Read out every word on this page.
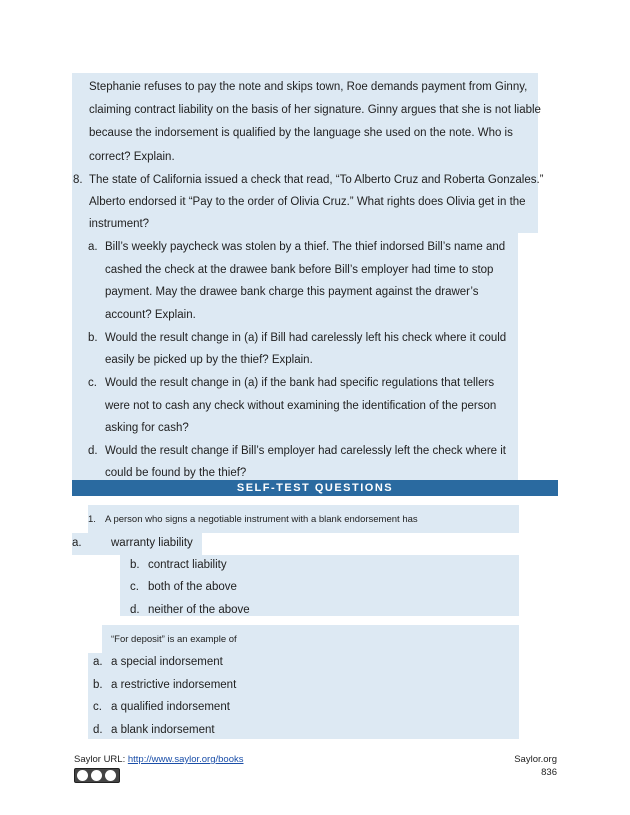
Stephanie refuses to pay the note and skips town, Roe demands payment from Ginny,
claiming contract liability on the basis of her signature. Ginny argues that she is not liable
because the indorsement is qualified by the language she used on the note. Who is
correct? Explain.
8. The state of California issued a check that read, “To Alberto Cruz and Roberta Gonzales.”
Alberto endorsed it “Pay to the order of Olivia Cruz.” What rights does Olivia get in the
instrument?
a. Bill’s weekly paycheck was stolen by a thief. The thief indorsed Bill’s name and
cashed the check at the drawee bank before Bill’s employer had time to stop
payment. May the drawee bank charge this payment against the drawer’s
account? Explain.
b. Would the result change in (a) if Bill had carelessly left his check where it could
easily be picked up by the thief? Explain.
c. Would the result change in (a) if the bank had specific regulations that tellers
were not to cash any check without examining the identification of the person
asking for cash?
d. Would the result change if Bill’s employer had carelessly left the check where it
could be found by the thief?
SELF-TEST QUESTIONS
1. A person who signs a negotiable instrument with a blank endorsement has
a.	warranty liability
b. contract liability
c. both of the above
d. neither of the above
“For deposit” is an example of
a. a special indorsement
b. a restrictive indorsement
c. a qualified indorsement
d. a blank indorsement
Saylor URL: http://www.saylor.org/books	Saylor.org
836
